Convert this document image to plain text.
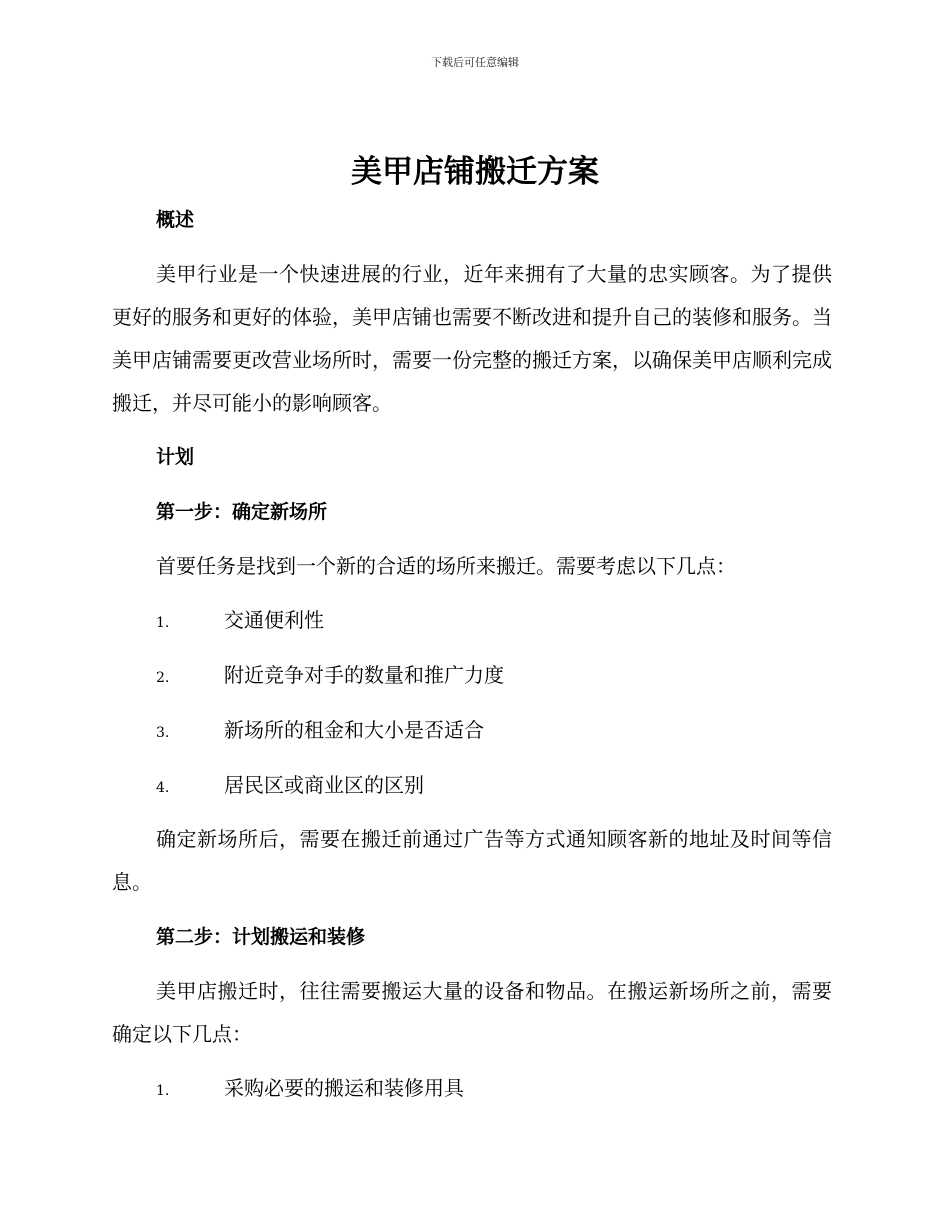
下载后可任意编辑
美甲店铺搬迁方案
概述

美甲行业是一个快速进展的行业，近年来拥有了大量的忠实顾客。为了提供更好的服务和更好的体验，美甲店铺也需要不断改进和提升自己的装修和服务。当美甲店铺需要更改营业场所时，需要一份完整的搬迁方案，以确保美甲店顺利完成搬迁，并尽可能小的影响顾客。

计划
第一步：确定新场所

首要任务是找到一个新的合适的场所来搬迁。需要考虑以下几点：

1.	交通便利性
2.	附近竞争对手的数量和推广力度
3.	新场所的租金和大小是否适合
4.	居民区或商业区的区别

确定新场所后，需要在搬迁前通过广告等方式通知顾客新的地址及时间等信息。

第二步：计划搬运和装修

美甲店搬迁时，往往需要搬运大量的设备和物品。在搬运新场所之前，需要确定以下几点：

1.	采购必要的搬运和装修用具
